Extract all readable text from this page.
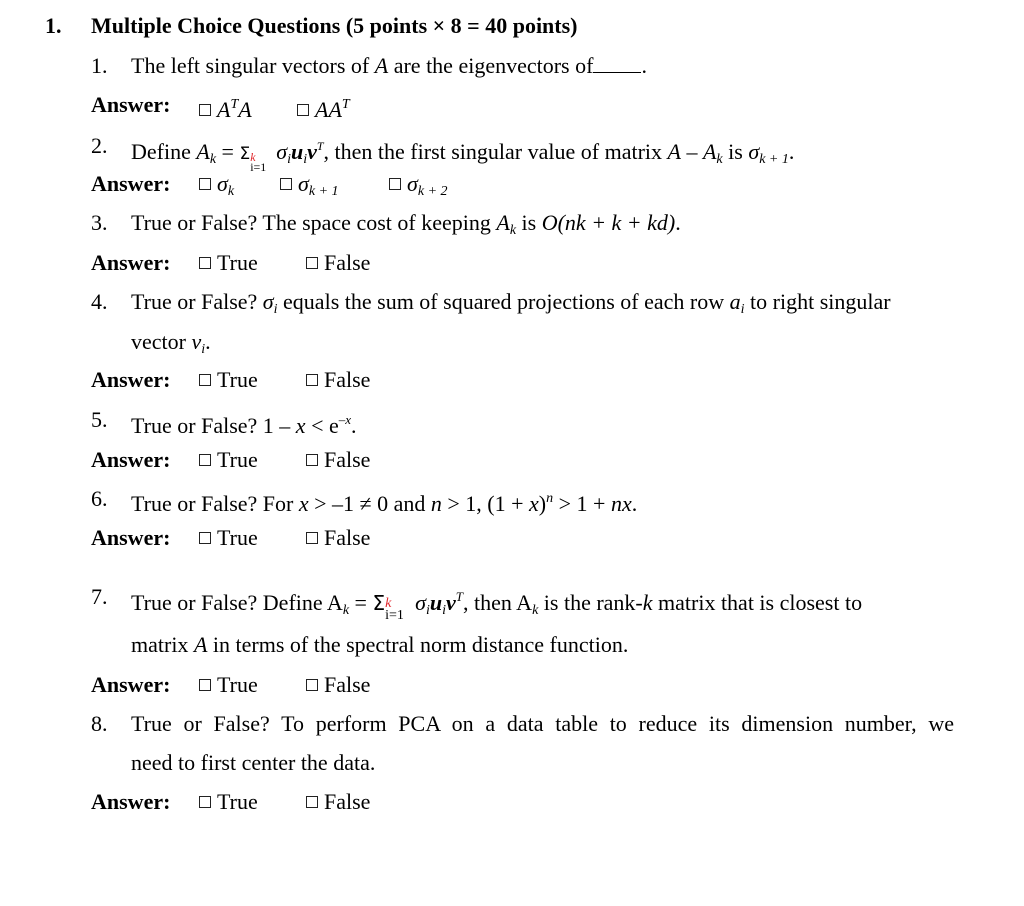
1. Multiple Choice Questions (5 points × 8 = 40 points)
1. The left singular vectors of A are the eigenvectors of .
Answer:	$A^TA$	$AA^T$
2. Define $A_k = \Sigma$ k
i=1
$\sigma_iu_iv^T$, then the first singular value of matrix A – $A_k$ is $\sigma_{k + 1}$.
Answer:	$\sigma_k$	$\sigma_{k + 1}$	$\sigma_{k + 2}$
3. True or False? The space cost of keeping $A_k$ is O(nk + k + kd).
Answer:	True	False
4. True or False? $\sigma_i$ equals the sum of squared projections of each row $a_i$ to right singular
vector $v_i$.
Answer:	True	False
5. True or False? $1 - x < e^{-x}$.
Answer:	True	False
6. True or False? For x > –1 ≠ 0 and n > 1, $(1 + x)^n > 1$ + nx.
Answer:	True	False
7. True or False? Define $A_k = \Sigma$ k
i=1
$\sigma_iu_iv^T$, then $A_k$ is the rank-k matrix that is closest to
matrix A in terms of the spectral norm distance function.
Answer:	True	False
8. True or False? To perform PCA on a data table to reduce its dimension number, we
need to first center the data.
Answer:	True	False
